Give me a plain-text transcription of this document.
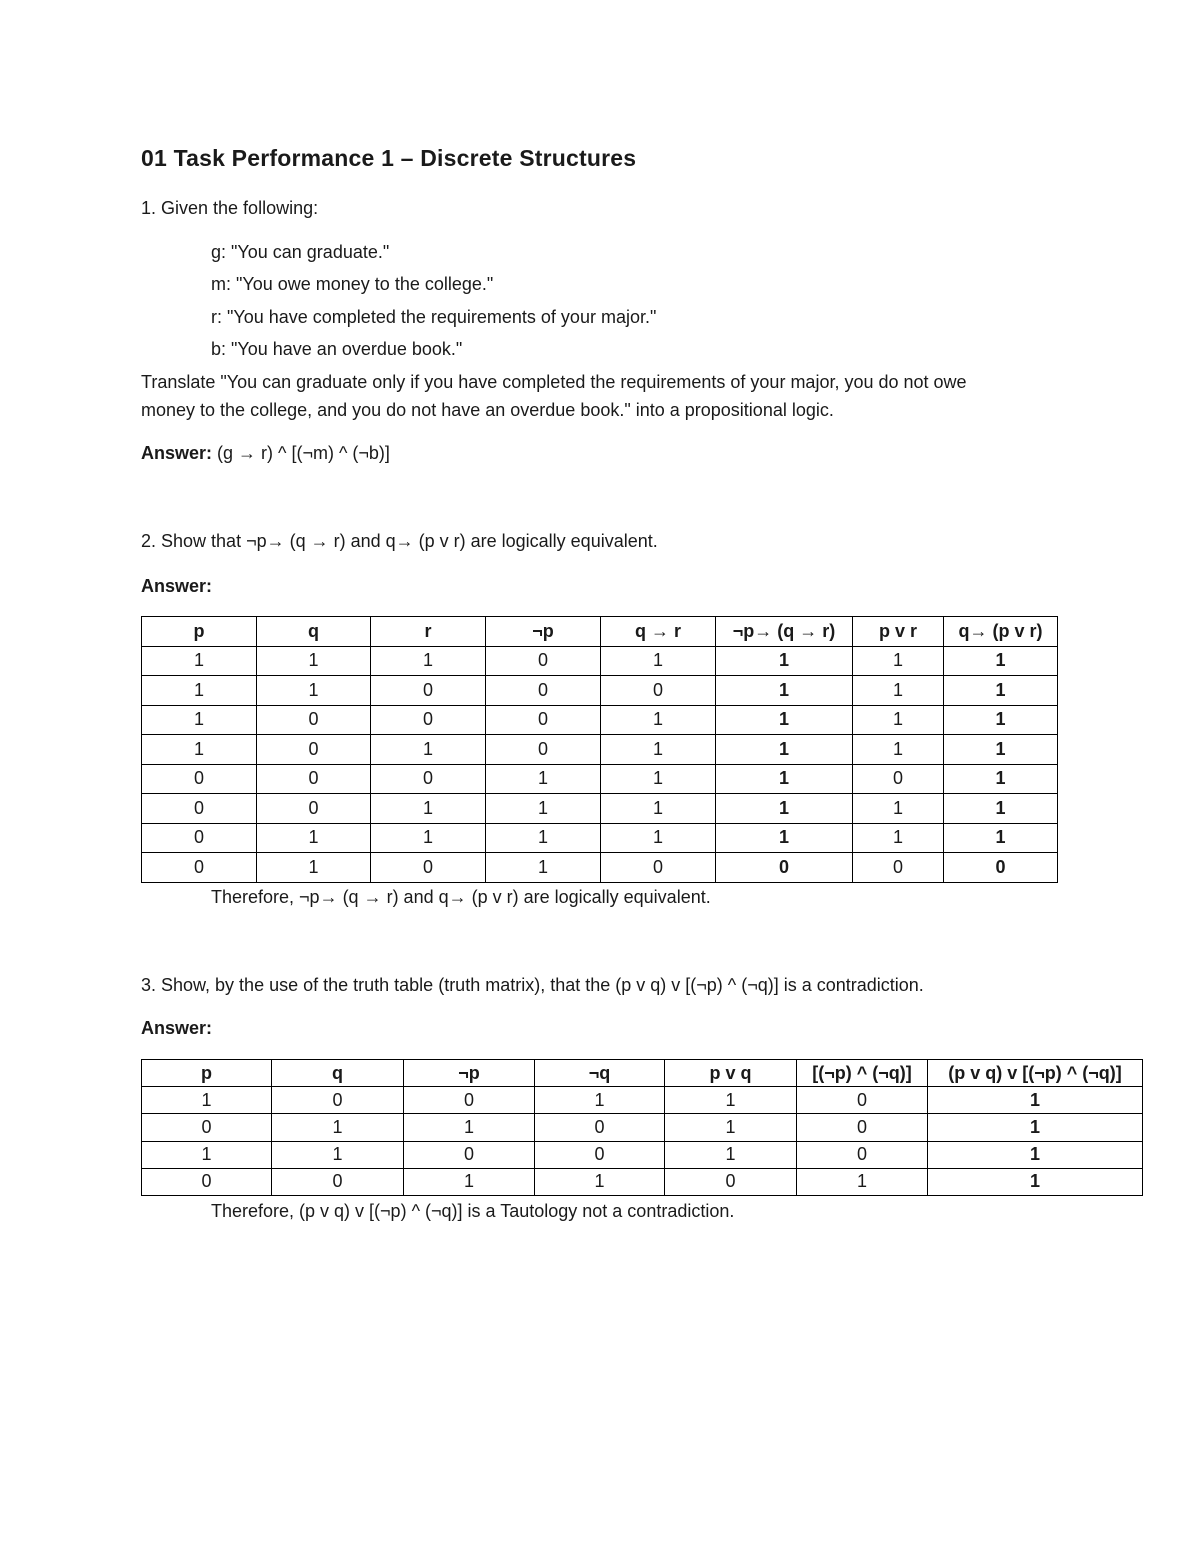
01 Task Performance 1 – Discrete Structures
1. Given the following:
g: "You can graduate."
m: "You owe money to the college."
r: "You have completed the requirements of your major."
b: "You have an overdue book."
Translate "You can graduate only if you have completed the requirements of your major, you do not owe
money to the college, and you do not have an overdue book." into a propositional logic.
Answer: (g → r) ^ [(¬m) ^ (¬b)]
2. Show that ¬p→ (q → r) and q→ (p v r) are logically equivalent.
Answer:
p	q	r	¬p	q → r	¬p→ (q → r)	p v r	q→ (p v r)
1	1	1	0	1	1	1	1
1	1	0	0	0	1	1	1
1	0	0	0	1	1	1	1
1	0	1	0	1	1	1	1
0	0	0	1	1	1	0	1
0	0	1	1	1	1	1	1
0	1	1	1	1	1	1	1
0	1	0	1	0	0	0	0
Therefore, ¬p→ (q → r) and q→ (p v r) are logically equivalent.
3. Show, by the use of the truth table (truth matrix), that the (p v q) v [(¬p) ^ (¬q)] is a contradiction.
Answer:
p	q	¬p	¬q	p v q	[(¬p) ^ (¬q)]	(p v q) v [(¬p) ^ (¬q)]
1	0	0	1	1	0	1
0	1	1	0	1	0	1
1	1	0	0	1	0	1
0	0	1	1	0	1	1
Therefore, (p v q) v [(¬p) ^ (¬q)] is a Tautology not a contradiction.
